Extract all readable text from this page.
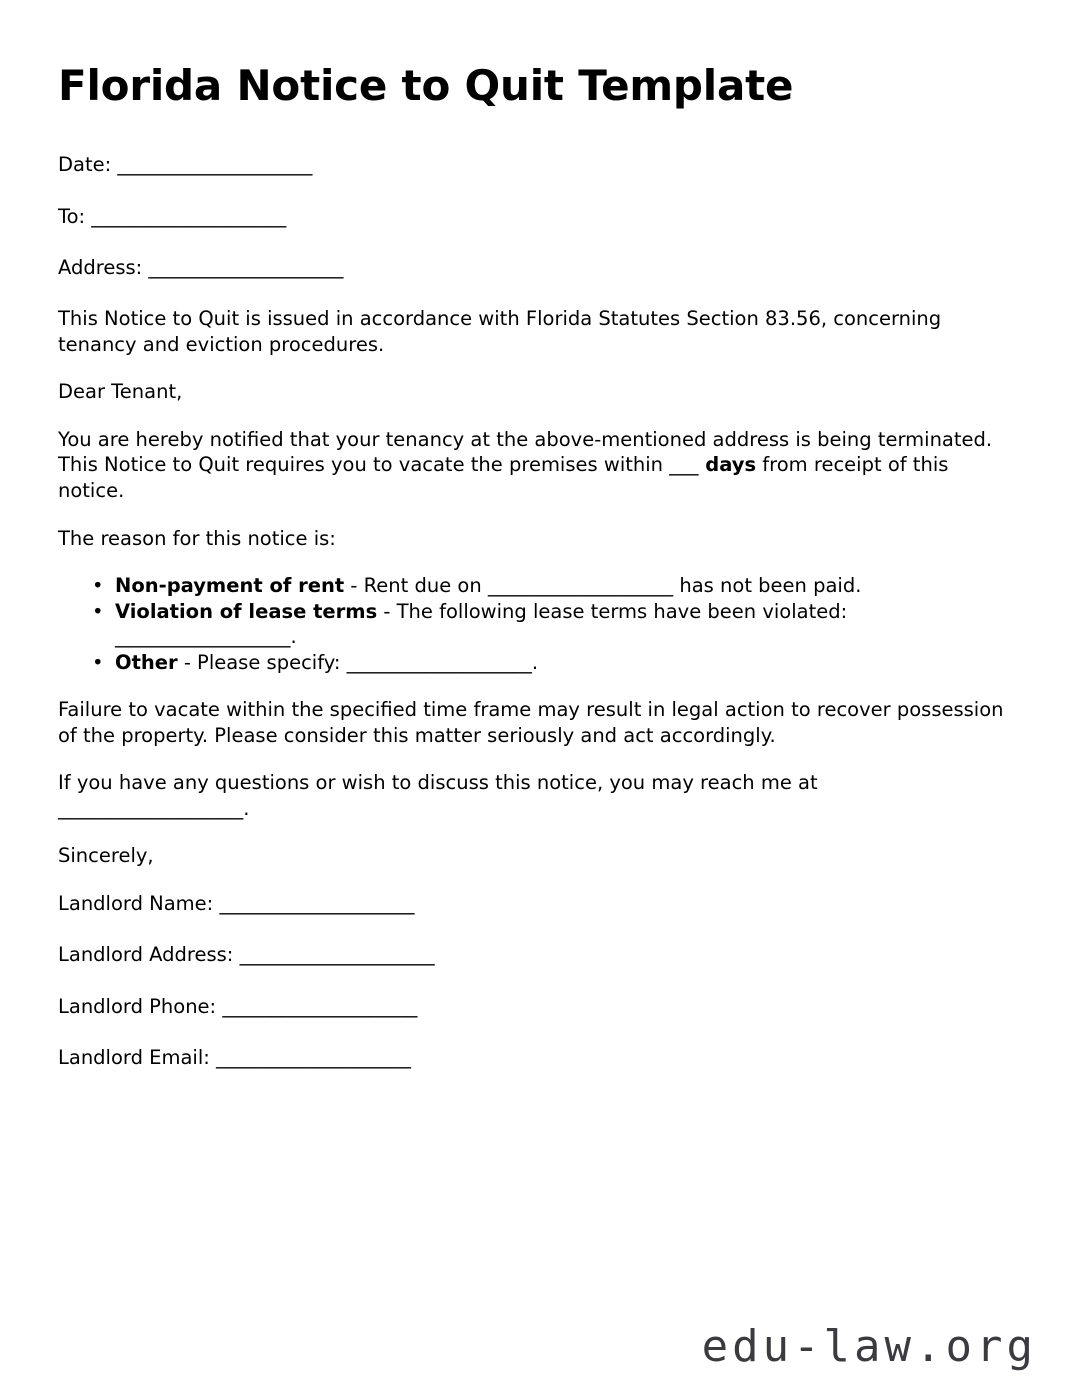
Florida Notice to Quit Template
Date: ____________________
To: ____________________
Address: ____________________

This Notice to Quit is issued in accordance with Florida Statutes Section 83.56, concerning tenancy and eviction procedures.

Dear Tenant,

You are hereby notified that your tenancy at the above-mentioned address is being terminated. This Notice to Quit requires you to vacate the premises within ___ days from receipt of this notice.

The reason for this notice is:

• Non-payment of rent - Rent due on ___________________ has not been paid.
• Violation of lease terms - The following lease terms have been violated: __________________.
• Other - Please specify: ___________________.

Failure to vacate within the specified time frame may result in legal action to recover possession of the property. Please consider this matter seriously and act accordingly.

If you have any questions or wish to discuss this notice, you may reach me at ___________________.

Sincerely,

Landlord Name: ____________________
Landlord Address: ____________________
Landlord Phone: ____________________
Landlord Email: ____________________
edu-law.org
